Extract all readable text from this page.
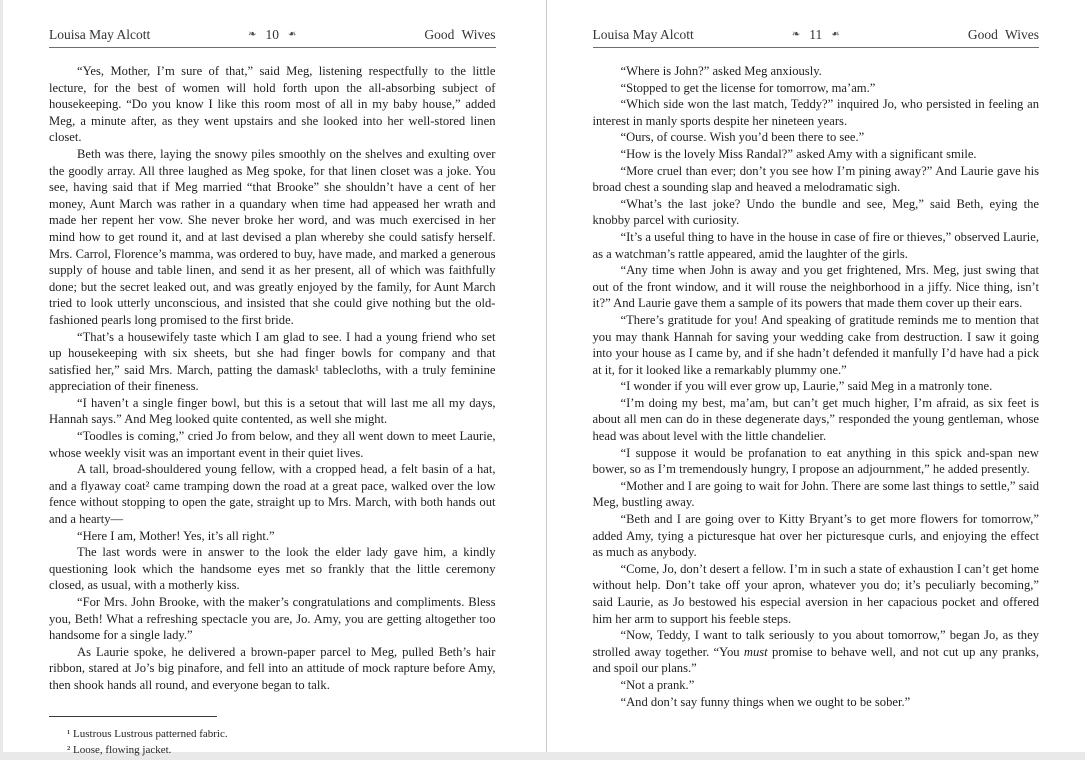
Louisa May Alcott	❧ 10 ❧	Good Wives

“Yes, Mother, I’m sure of that,” said Meg, listening respectfully to the little lecture, for the best of women will hold forth upon the all-absorbing subject of housekeeping. “Do you know I like this room most of all in my baby house,” added Meg, a minute after, as they went upstairs and she looked into her well-stored linen closet.

Beth was there, laying the snowy piles smoothly on the shelves and exulting over the goodly array. All three laughed as Meg spoke, for that linen closet was a joke. You see, having said that if Meg married “that Brooke” she shouldn’t have a cent of her money, Aunt March was rather in a quandary when time had appeased her wrath and made her repent her vow. She never broke her word, and was much exercised in her mind how to get round it, and at last devised a plan whereby she could satisfy herself. Mrs. Carrol, Florence’s mamma, was ordered to buy, have made, and marked a generous supply of house and table linen, and send it as her present, all of which was faithfully done; but the secret leaked out, and was greatly enjoyed by the family, for Aunt March tried to look utterly unconscious, and insisted that she could give nothing but the old-fashioned pearls long promised to the first bride.

“That’s a housewifely taste which I am glad to see. I had a young friend who set up housekeeping with six sheets, but she had finger bowls for company and that satisfied her,” said Mrs. March, patting the damask¹ tablecloths, with a truly feminine appreciation of their fineness.

“I haven’t a single finger bowl, but this is a setout that will last me all my days, Hannah says.” And Meg looked quite contented, as well she might.

“Toodles is coming,” cried Jo from below, and they all went down to meet Laurie, whose weekly visit was an important event in their quiet lives.

A tall, broad-shouldered young fellow, with a cropped head, a felt basin of a hat, and a flyaway coat² came tramping down the road at a great pace, walked over the low fence without stopping to open the gate, straight up to Mrs. March, with both hands out and a hearty—

“Here I am, Mother! Yes, it’s all right.”

The last words were in answer to the look the elder lady gave him, a kindly questioning look which the handsome eyes met so frankly that the little ceremony closed, as usual, with a motherly kiss.

“For Mrs. John Brooke, with the maker’s congratulations and compliments. Bless you, Beth! What a refreshing spectacle you are, Jo. Amy, you are getting altogether too handsome for a single lady.”

As Laurie spoke, he delivered a brown-paper parcel to Meg, pulled Beth’s hair ribbon, stared at Jo’s big pinafore, and fell into an attitude of mock rapture before Amy, then shook hands all round, and everyone began to talk.

¹ Lustrous Lustrous patterned fabric.

² Loose, flowing jacket.

Louisa May Alcott	❧ 11 ❧	Good Wives

“Where is John?” asked Meg anxiously.

“Stopped to get the license for tomorrow, ma’am.”

“Which side won the last match, Teddy?” inquired Jo, who persisted in feeling an interest in manly sports despite her nineteen years.

“Ours, of course. Wish you’d been there to see.”

“How is the lovely Miss Randal?” asked Amy with a significant smile.

“More cruel than ever; don’t you see how I’m pining away?” And Laurie gave his broad chest a sounding slap and heaved a melodramatic sigh.

“What’s the last joke? Undo the bundle and see, Meg,” said Beth, eying the knobby parcel with curiosity.

“It’s a useful thing to have in the house in case of fire or thieves,” observed Laurie, as a watchman’s rattle appeared, amid the laughter of the girls.

“Any time when John is away and you get frightened, Mrs. Meg, just swing that out of the front window, and it will rouse the neighborhood in a jiffy. Nice thing, isn’t it?” And Laurie gave them a sample of its powers that made them cover up their ears.

“There’s gratitude for you! And speaking of gratitude reminds me to mention that you may thank Hannah for saving your wedding cake from destruction. I saw it going into your house as I came by, and if she hadn’t defended it manfully I’d have had a pick at it, for it looked like a remarkably plummy one.”

“I wonder if you will ever grow up, Laurie,” said Meg in a matronly tone.

“I’m doing my best, ma’am, but can’t get much higher, I’m afraid, as six feet is about all men can do in these degenerate days,” responded the young gentleman, whose head was about level with the little chandelier.

“I suppose it would be profanation to eat anything in this spick and-span new bower, so as I’m tremendously hungry, I propose an adjournment,” he added presently.

“Mother and I are going to wait for John. There are some last things to settle,” said Meg, bustling away.

“Beth and I are going over to Kitty Bryant’s to get more flowers for tomorrow,” added Amy, tying a picturesque hat over her picturesque curls, and enjoying the effect as much as anybody.

“Come, Jo, don’t desert a fellow. I’m in such a state of exhaustion I can’t get home without help. Don’t take off your apron, whatever you do; it’s peculiarly becoming,” said Laurie, as Jo bestowed his especial aversion in her capacious pocket and offered him her arm to support his feeble steps.

“Now, Teddy, I want to talk seriously to you about tomorrow,” began Jo, as they strolled away together. “You must promise to behave well, and not cut up any pranks, and spoil our plans.”

“Not a prank.”

“And don’t say funny things when we ought to be sober.”
